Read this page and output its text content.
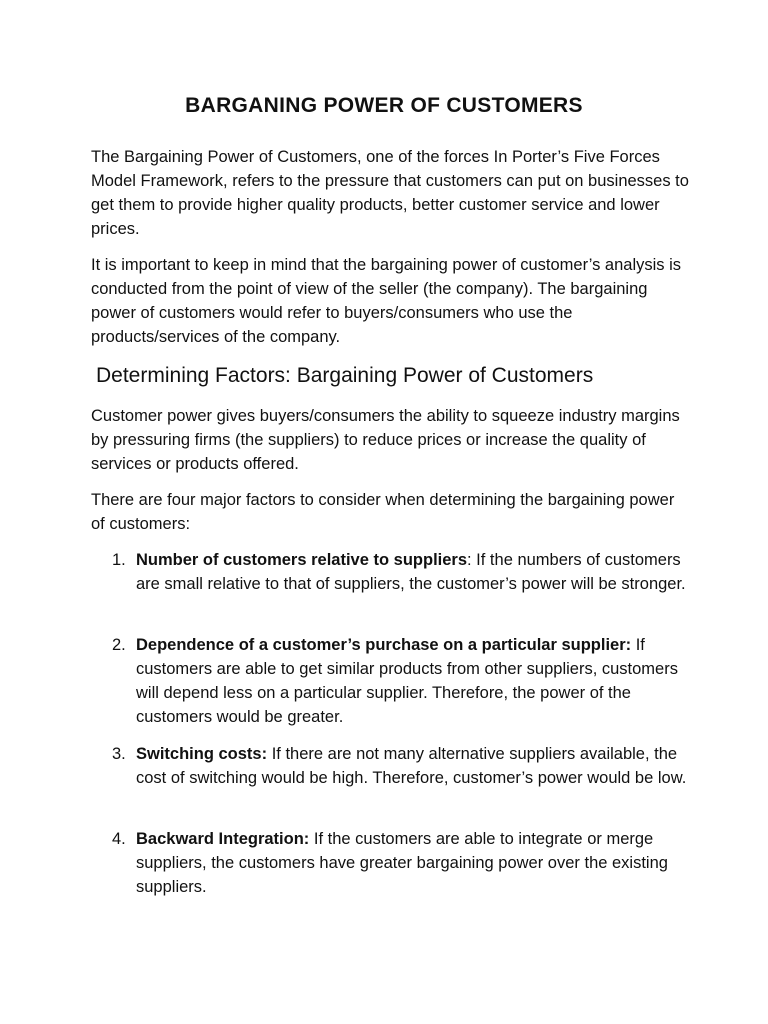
BARGANING POWER OF CUSTOMERS

The Bargaining Power of Customers, one of the forces In Porter’s Five Forces Model Framework, refers to the pressure that customers can put on businesses to get them to provide higher quality products, better customer service and lower prices.

It is important to keep in mind that the bargaining power of customer’s analysis is conducted from the point of view of the seller (the company). The bargaining power of customers would refer to buyers/consumers who use the products/services of the company.

Determining Factors: Bargaining Power of Customers

Customer power gives buyers/consumers the ability to squeeze industry margins by pressuring firms (the suppliers) to reduce prices or increase the quality of services or products offered.

There are four major factors to consider when determining the bargaining power of customers:

1. Number of customers relative to suppliers: If the numbers of customers are small relative to that of suppliers, the customer’s power will be stronger.
2. Dependence of a customer’s purchase on a particular supplier: If customers are able to get similar products from other suppliers, customers will depend less on a particular supplier. Therefore, the power of the customers would be greater.
3. Switching costs: If there are not many alternative suppliers available, the cost of switching would be high. Therefore, customer’s power would be low.
4. Backward Integration: If the customers are able to integrate or merge suppliers, the customers have greater bargaining power over the existing suppliers.
